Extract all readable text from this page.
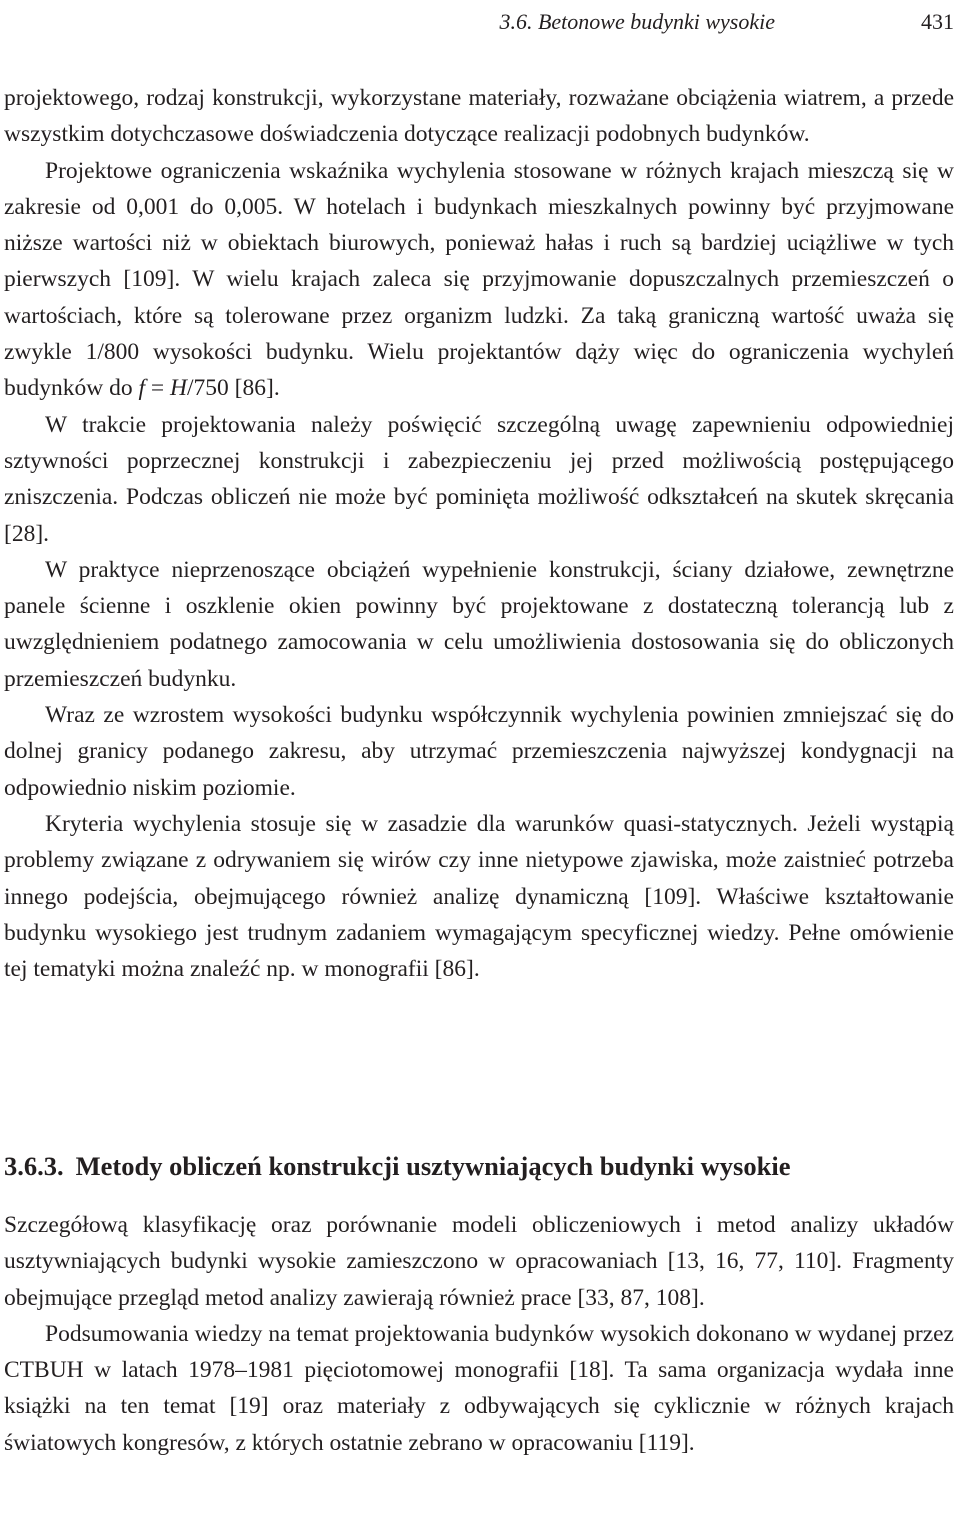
3.6. Betonowe budynki wysokie	431

projektowego, rodzaj konstrukcji, wykorzystane materiały, rozważane obciążenia wiatrem, a przede wszystkim dotychczasowe doświadczenia dotyczące realizacji podobnych budynków.

Projektowe ograniczenia wskaźnika wychylenia stosowane w różnych krajach mieszczą się w zakresie od 0,001 do 0,005. W hotelach i budynkach mieszkalnych powinny być przyjmowane niższe wartości niż w obiektach biurowych, ponieważ hałas i ruch są bardziej uciążliwe w tych pierwszych [109]. W wielu krajach zaleca się przyjmowanie dopuszczalnych przemieszczeń o wartościach, które są tolerowane przez organizm ludzki. Za taką graniczną wartość uważa się zwykle 1/800 wysokości budynku. Wielu projektantów dąży więc do ograniczenia wychyleń budynków do f = H/750 [86].

W trakcie projektowania należy poświęcić szczególną uwagę zapewnieniu odpowiedniej sztywności poprzecznej konstrukcji i zabezpieczeniu jej przed możliwością postępującego zniszczenia. Podczas obliczeń nie może być pominięta możliwość odkształceń na skutek skręcania [28].

W praktyce nieprzenoszące obciążeń wypełnienie konstrukcji, ściany działowe, zewnętrzne panele ścienne i oszklenie okien powinny być projektowane z dostateczną tolerancją lub z uwzględnieniem podatnego zamocowania w celu umożliwienia dostosowania się do obliczonych przemieszczeń budynku.

Wraz ze wzrostem wysokości budynku współczynnik wychylenia powinien zmniejszać się do dolnej granicy podanego zakresu, aby utrzymać przemieszczenia najwyższej kondygnacji na odpowiednio niskim poziomie.

Kryteria wychylenia stosuje się w zasadzie dla warunków quasi-statycznych. Jeżeli wystąpią problemy związane z odrywaniem się wirów czy inne nietypowe zjawiska, może zaistnieć potrzeba innego podejścia, obejmującego również analizę dynamiczną [109]. Właściwe kształtowanie budynku wysokiego jest trudnym zadaniem wymagającym specyficznej wiedzy. Pełne omówienie tej tematyki można znaleźć np. w monografii [86].

3.6.3. Metody obliczeń konstrukcji usztywniających budynki wysokie

Szczegółową klasyfikację oraz porównanie modeli obliczeniowych i metod analizy układów usztywniających budynki wysokie zamieszczono w opracowaniach [13, 16, 77, 110]. Fragmenty obejmujące przegląd metod analizy zawierają również prace [33, 87, 108].

Podsumowania wiedzy na temat projektowania budynków wysokich dokonano w wydanej przez CTBUH w latach 1978–1981 pięciotomowej monografii [18]. Ta sama organizacja wydała inne książki na ten temat [19] oraz materiały z odbywających się cyklicznie w różnych krajach światowych kongresów, z których ostatnie zebrano w opracowaniu [119].
